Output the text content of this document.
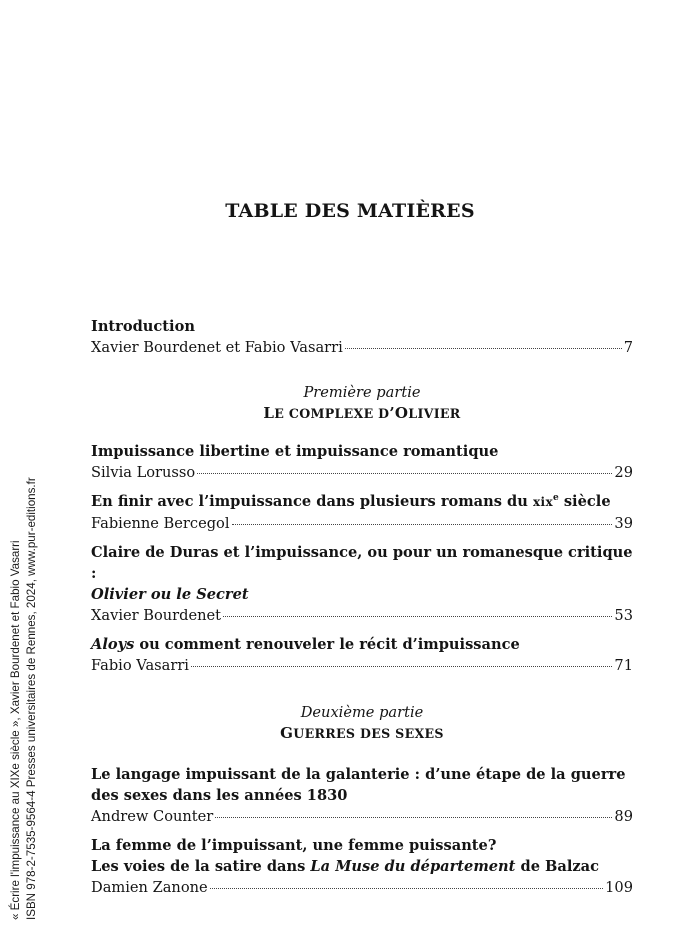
« Écrire l'impuissance au XIXe siècle », Xavier Bourdenet et Fabio Vasarri ISBN 978-2-7535-9564-4 Presses universitaires de Rennes, 2024, www.pur-editions.fr
TABLE DES MATIÈRES
Introduction
Xavier Bourdenet et Fabio Vasarri	7
Première partie
LE COMPLEXE D’OLIVIER
Impuissance libertine et impuissance romantique
Silvia Lorusso	29
En finir avec l’impuissance dans plusieurs romans du xix$^e$ siècle
Fabienne Bercegol	39
Claire de Duras et l’impuissance, ou pour un romanesque critique :
Olivier ou le Secret
Xavier Bourdenet	53
Aloys ou comment renouveler le récit d’impuissance
Fabio Vasarri	71
Deuxième partie
GUERRES DES SEXES
Le langage impuissant de la galanterie : d’une étape de la guerre
des sexes dans les années 1830
Andrew Counter	89
La femme de l’impuissant, une femme puissante?
Les voies de la satire dans La Muse du département de Balzac
Damien Zanone	109
